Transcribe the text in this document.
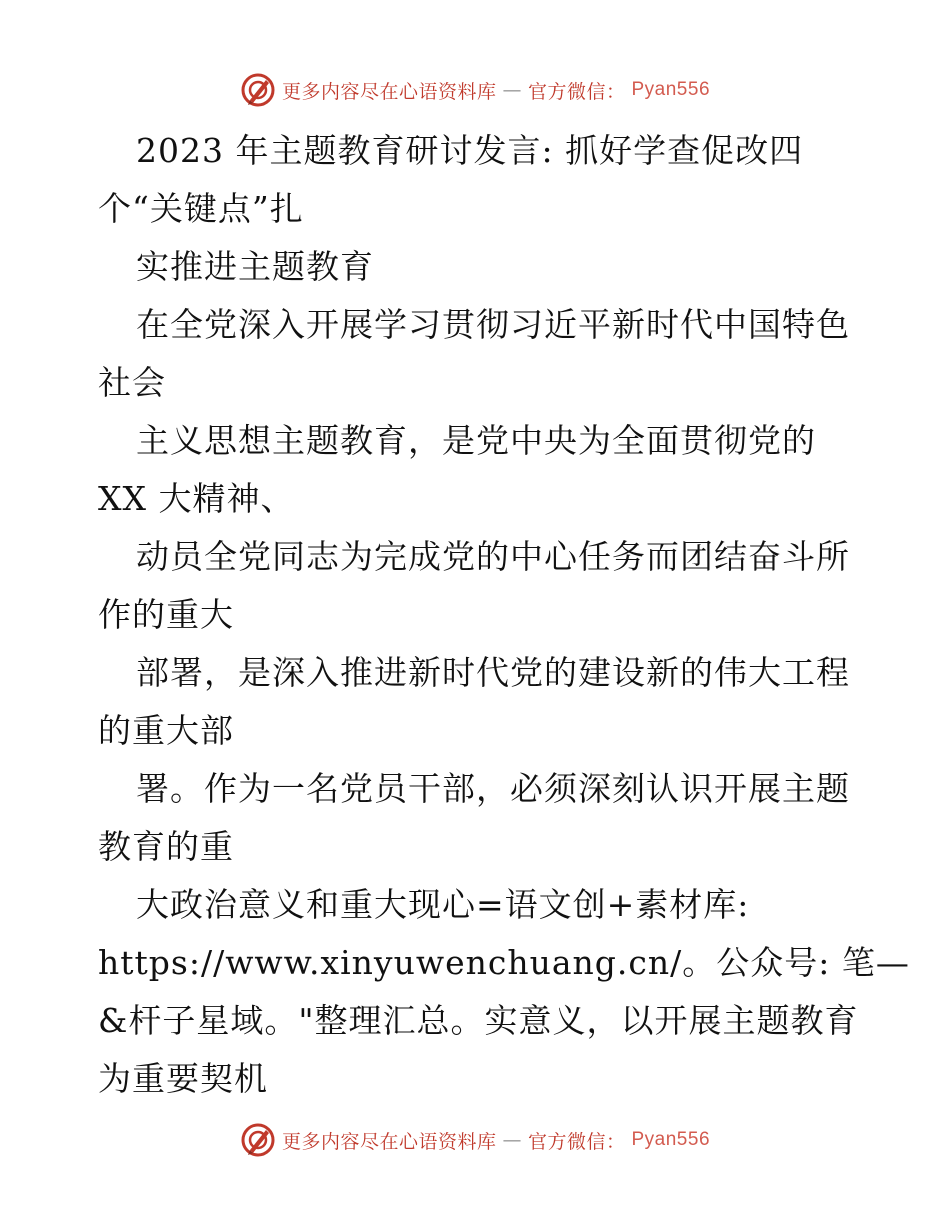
更多内容尽在心语资料库 — 官方微信： Pyan556
2023 年主题教育研讨发言: 抓好学查促改四
个“关键点”扎
实推进主题教育
在全党深入开展学习贯彻习近平新时代中国特色
社会
主义思想主题教育，是党中央为全面贯彻党的
XX 大精神、
动员全党同志为完成党的中心任务而团结奋斗所
作的重大
部署，是深入推进新时代党的建设新的伟大工程
的重大部
署。作为一名党员干部，必须深刻认识开展主题
教育的重
大政治意义和重大现心=语文创+素材库:
https://www.xinyuwenchuang.cn/。公众号: 笔—
&杆子星域。"整理汇总。实意义，以开展主题教育
为重要契机
更多内容尽在心语资料库 — 官方微信： Pyan556
